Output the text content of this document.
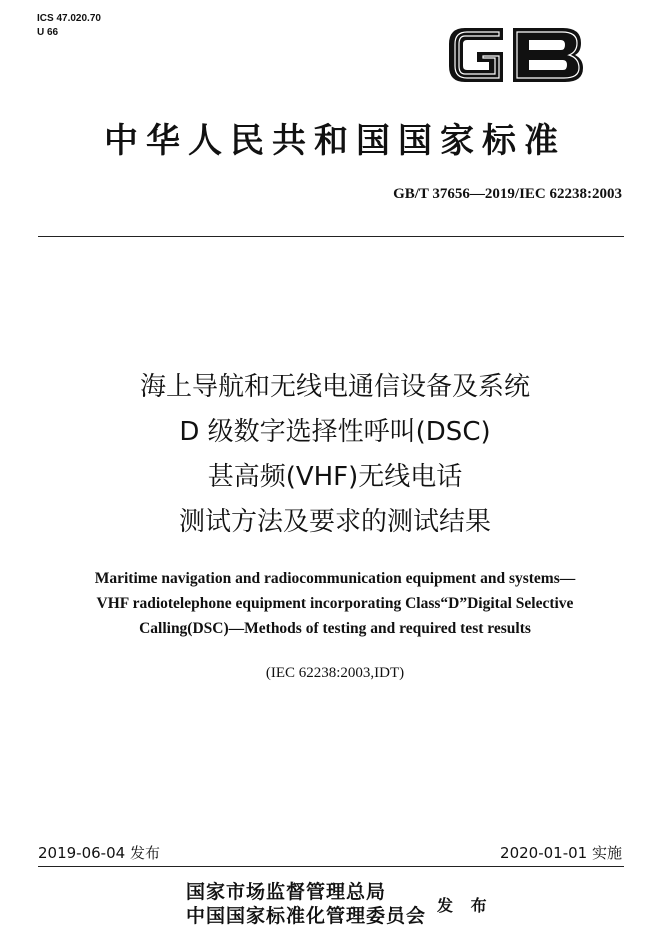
ICS 47.020.70
U 66
中华人民共和国国家标准
GB/T 37656—2019/IEC 62238:2003
海上导航和无线电通信设备及系统
D 级数字选择性呼叫(DSC)
甚高频(VHF)无线电话
测试方法及要求的测试结果
Maritime navigation and radiocommunication equipment and systems—
VHF radiotelephone equipment incorporating Class“D”Digital Selective
Calling(DSC)—Methods of testing and required test results
(IEC 62238:2003,IDT)
2019-06-04 发布	2020-01-01 实施
国家市场监督管理总局
中国国家标准化管理委员会 发 布
